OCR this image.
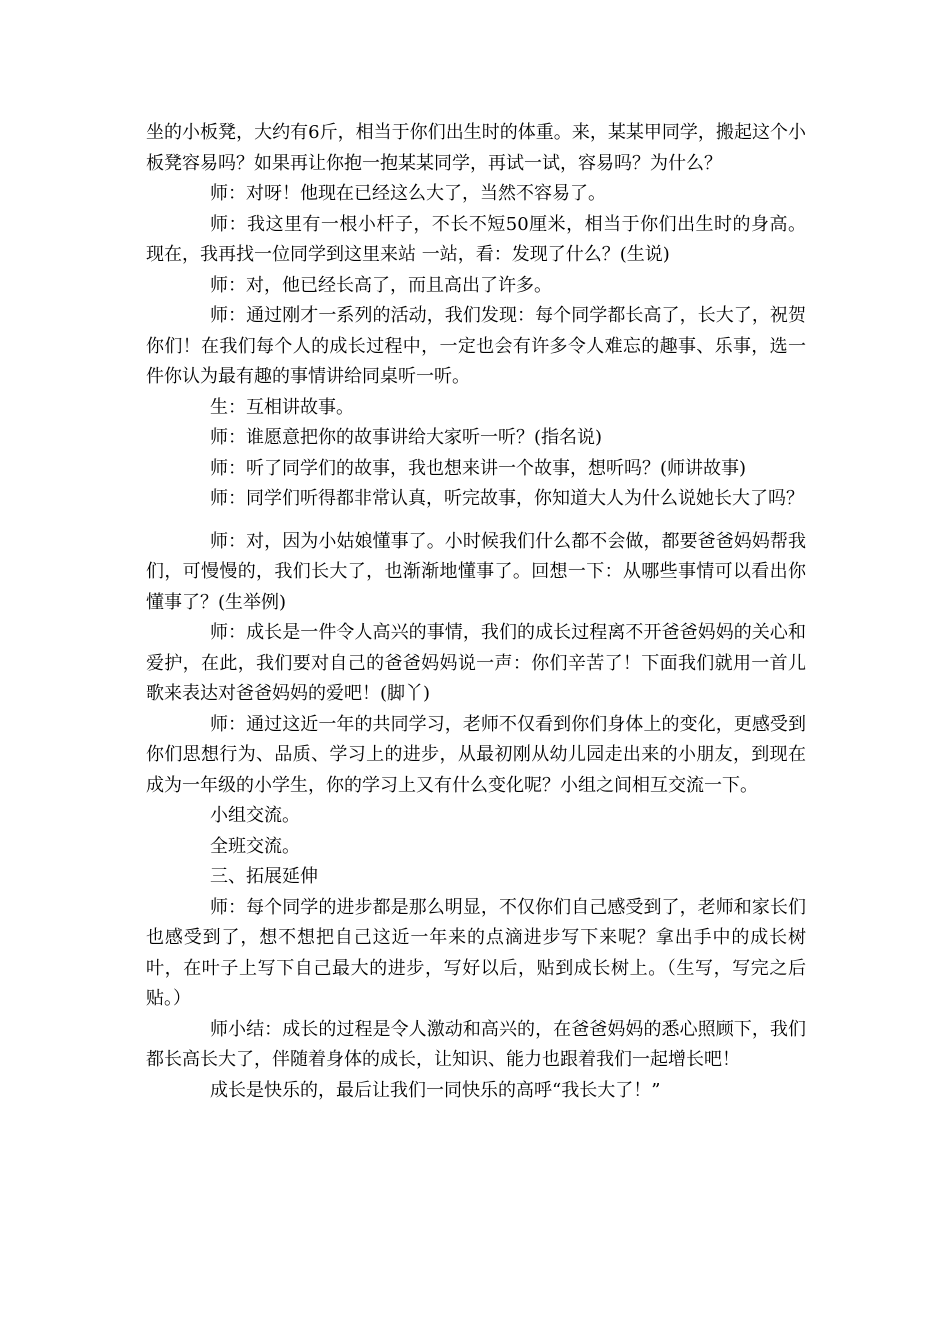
坐的小板凳，大约有6斤，相当于你们出生时的体重。来，某某甲同学，搬起这个小板凳容易吗？如果再让你抱一抱某某同学，再试一试，容易吗？为什么？

师：对呀！他现在已经这么大了，当然不容易了。

师：我这里有一根小杆子，不长不短50厘米，相当于你们出生时的身高。现在，我再找一位同学到这里来站 一站，看：发现了什么？(生说)

师：对，他已经长高了，而且高出了许多。

师：通过刚才一系列的活动，我们发现：每个同学都长高了，长大了，祝贺你们！在我们每个人的成长过程中，一定也会有许多令人难忘的趣事、乐事，选一件你认为最有趣的事情讲给同桌听一听。

生：互相讲故事。

师：谁愿意把你的故事讲给大家听一听？(指名说)

师：听了同学们的故事，我也想来讲一个故事，想听吗？(师讲故事)

师：同学们听得都非常认真，听完故事，你知道大人为什么说她长大了吗？

师：对，因为小姑娘懂事了。小时候我们什么都不会做，都要爸爸妈妈帮我们，可慢慢的，我们长大了，也渐渐地懂事了。回想一下：从哪些事情可以看出你懂事了？(生举例)

师：成长是一件令人高兴的事情，我们的成长过程离不开爸爸妈妈的关心和爱护，在此，我们要对自己的爸爸妈妈说一声：你们辛苦了！下面我们就用一首儿歌来表达对爸爸妈妈的爱吧！(脚丫)

师：通过这近一年的共同学习，老师不仅看到你们身体上的变化，更感受到你们思想行为、品质、学习上的进步，从最初刚从幼儿园走出来的小朋友，到现在成为一年级的小学生，你的学习上又有什么变化呢？小组之间相互交流一下。

小组交流。

全班交流。

三、拓展延伸

师：每个同学的进步都是那么明显，不仅你们自己感受到了，老师和家长们也感受到了，想不想把自己这近一年来的点滴进步写下来呢？拿出手中的成长树叶，在叶子上写下自己最大的进步，写好以后，贴到成长树上。（生写，写完之后贴。）

师小结：成长的过程是令人激动和高兴的，在爸爸妈妈的悉心照顾下，我们都长高长大了，伴随着身体的成长，让知识、能力也跟着我们一起增长吧！

成长是快乐的，最后让我们一同快乐的高呼“我长大了！”
